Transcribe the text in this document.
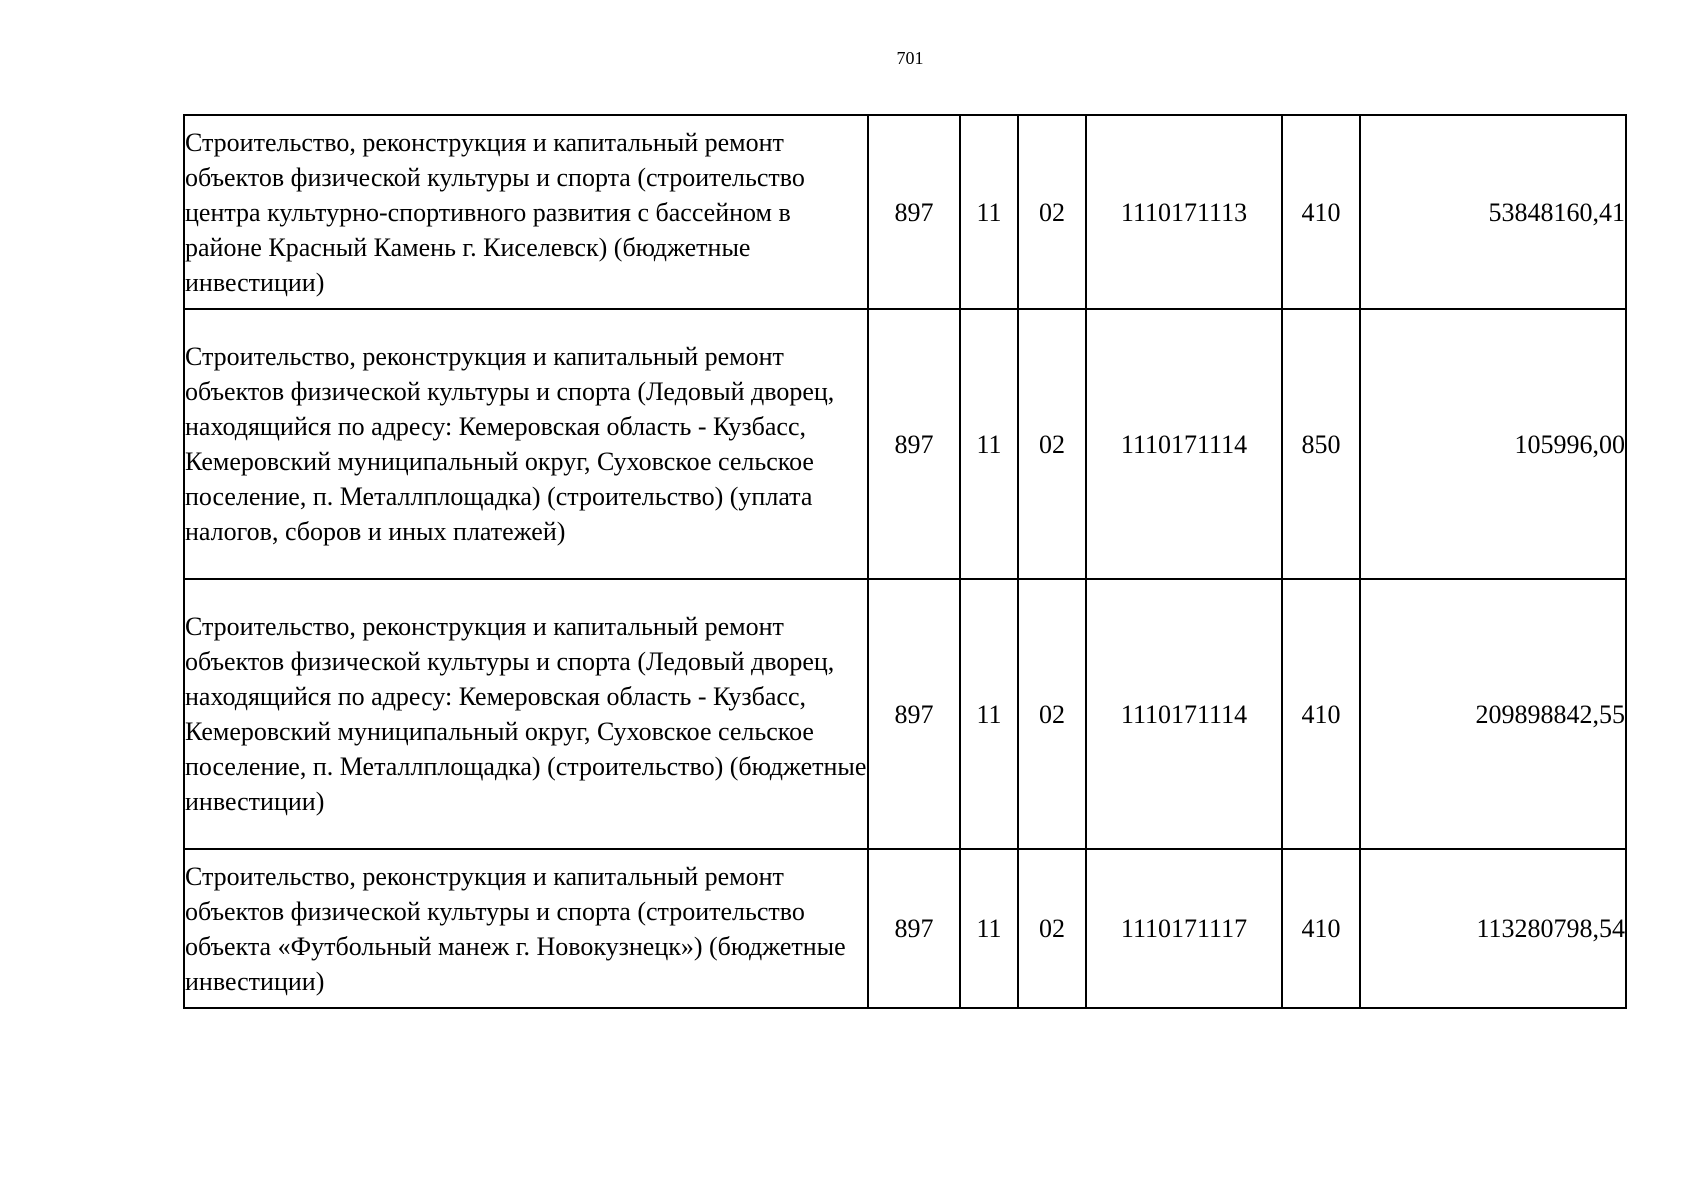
701
Строительство, реконструкция и капитальный ремонт объектов физической культуры и спорта (строительство центра культурно-спортивного развития с бассейном в районе Красный Камень г. Киселевск) (бюджетные инвестиции)	897	11	02	1110171113	410	53848160,41
Строительство, реконструкция и капитальный ремонт объектов физической культуры и спорта (Ледовый дворец, находящийся по адресу: Кемеровская область - Кузбасс, Кемеровский муниципальный округ, Суховское сельское поселение, п. Металлплощадка) (строительство) (уплата налогов, сборов и иных платежей)	897	11	02	1110171114	850	105996,00
Строительство, реконструкция и капитальный ремонт объектов физической культуры и спорта (Ледовый дворец, находящийся по адресу: Кемеровская область - Кузбасс, Кемеровский муниципальный округ, Суховское сельское поселение, п. Металлплощадка) (строительство) (бюджетные инвестиции)	897	11	02	1110171114	410	209898842,55
Строительство, реконструкция и капитальный ремонт объектов физической культуры и спорта (строительство объекта «Футбольный манеж г. Новокузнецк») (бюджетные инвестиции)	897	11	02	1110171117	410	113280798,54
